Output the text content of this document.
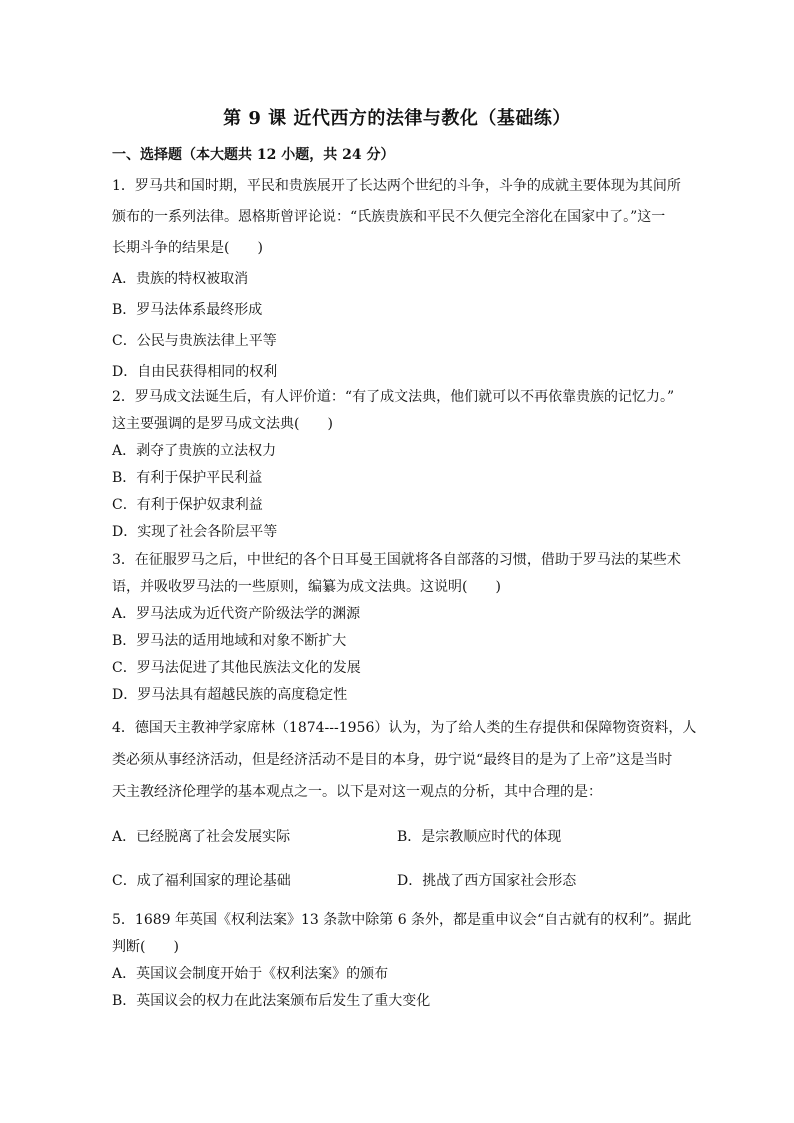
第 9 课 近代西方的法律与教化（基础练）
一、选择题（本大题共 12 小题，共 24 分）
1．罗马共和国时期，平民和贵族展开了长达两个世纪的斗争，斗争的成就主要体现为其间所
颁布的一系列法律。恩格斯曾评论说：“氏族贵族和平民不久便完全溶化在国家中了。”这一
长期斗争的结果是(　　)
A．贵族的特权被取消
B．罗马法体系最终形成
C．公民与贵族法律上平等
D．自由民获得相同的权利
2．罗马成文法诞生后，有人评价道：“有了成文法典，他们就可以不再依靠贵族的记忆力。”
这主要强调的是罗马成文法典(　　)
A．剥夺了贵族的立法权力
B．有利于保护平民利益
C．有利于保护奴隶利益
D．实现了社会各阶层平等
3．在征服罗马之后，中世纪的各个日耳曼王国就将各自部落的习惯，借助于罗马法的某些术
语，并吸收罗马法的一些原则，编纂为成文法典。这说明(　　)
A．罗马法成为近代资产阶级法学的渊源
B．罗马法的适用地域和对象不断扩大
C．罗马法促进了其他民族法文化的发展
D．罗马法具有超越民族的高度稳定性
4．德国天主教神学家席林（1874---1956）认为，为了给人类的生存提供和保障物资资料，人
类必须从事经济活动，但是经济活动不是目的本身，毋宁说“最终目的是为了上帝”这是当时
天主教经济伦理学的基本观点之一。以下是对这一观点的分析，其中合理的是：
A．已经脱离了社会发展实际	B．是宗教顺应时代的体现
C．成了福利国家的理论基础	D．挑战了西方国家社会形态
5．1689 年英国《权利法案》13 条款中除第 6 条外，都是重申议会“自古就有的权利”。据此
判断(　　)
A．英国议会制度开始于《权利法案》的颁布
B．英国议会的权力在此法案颁布后发生了重大变化
